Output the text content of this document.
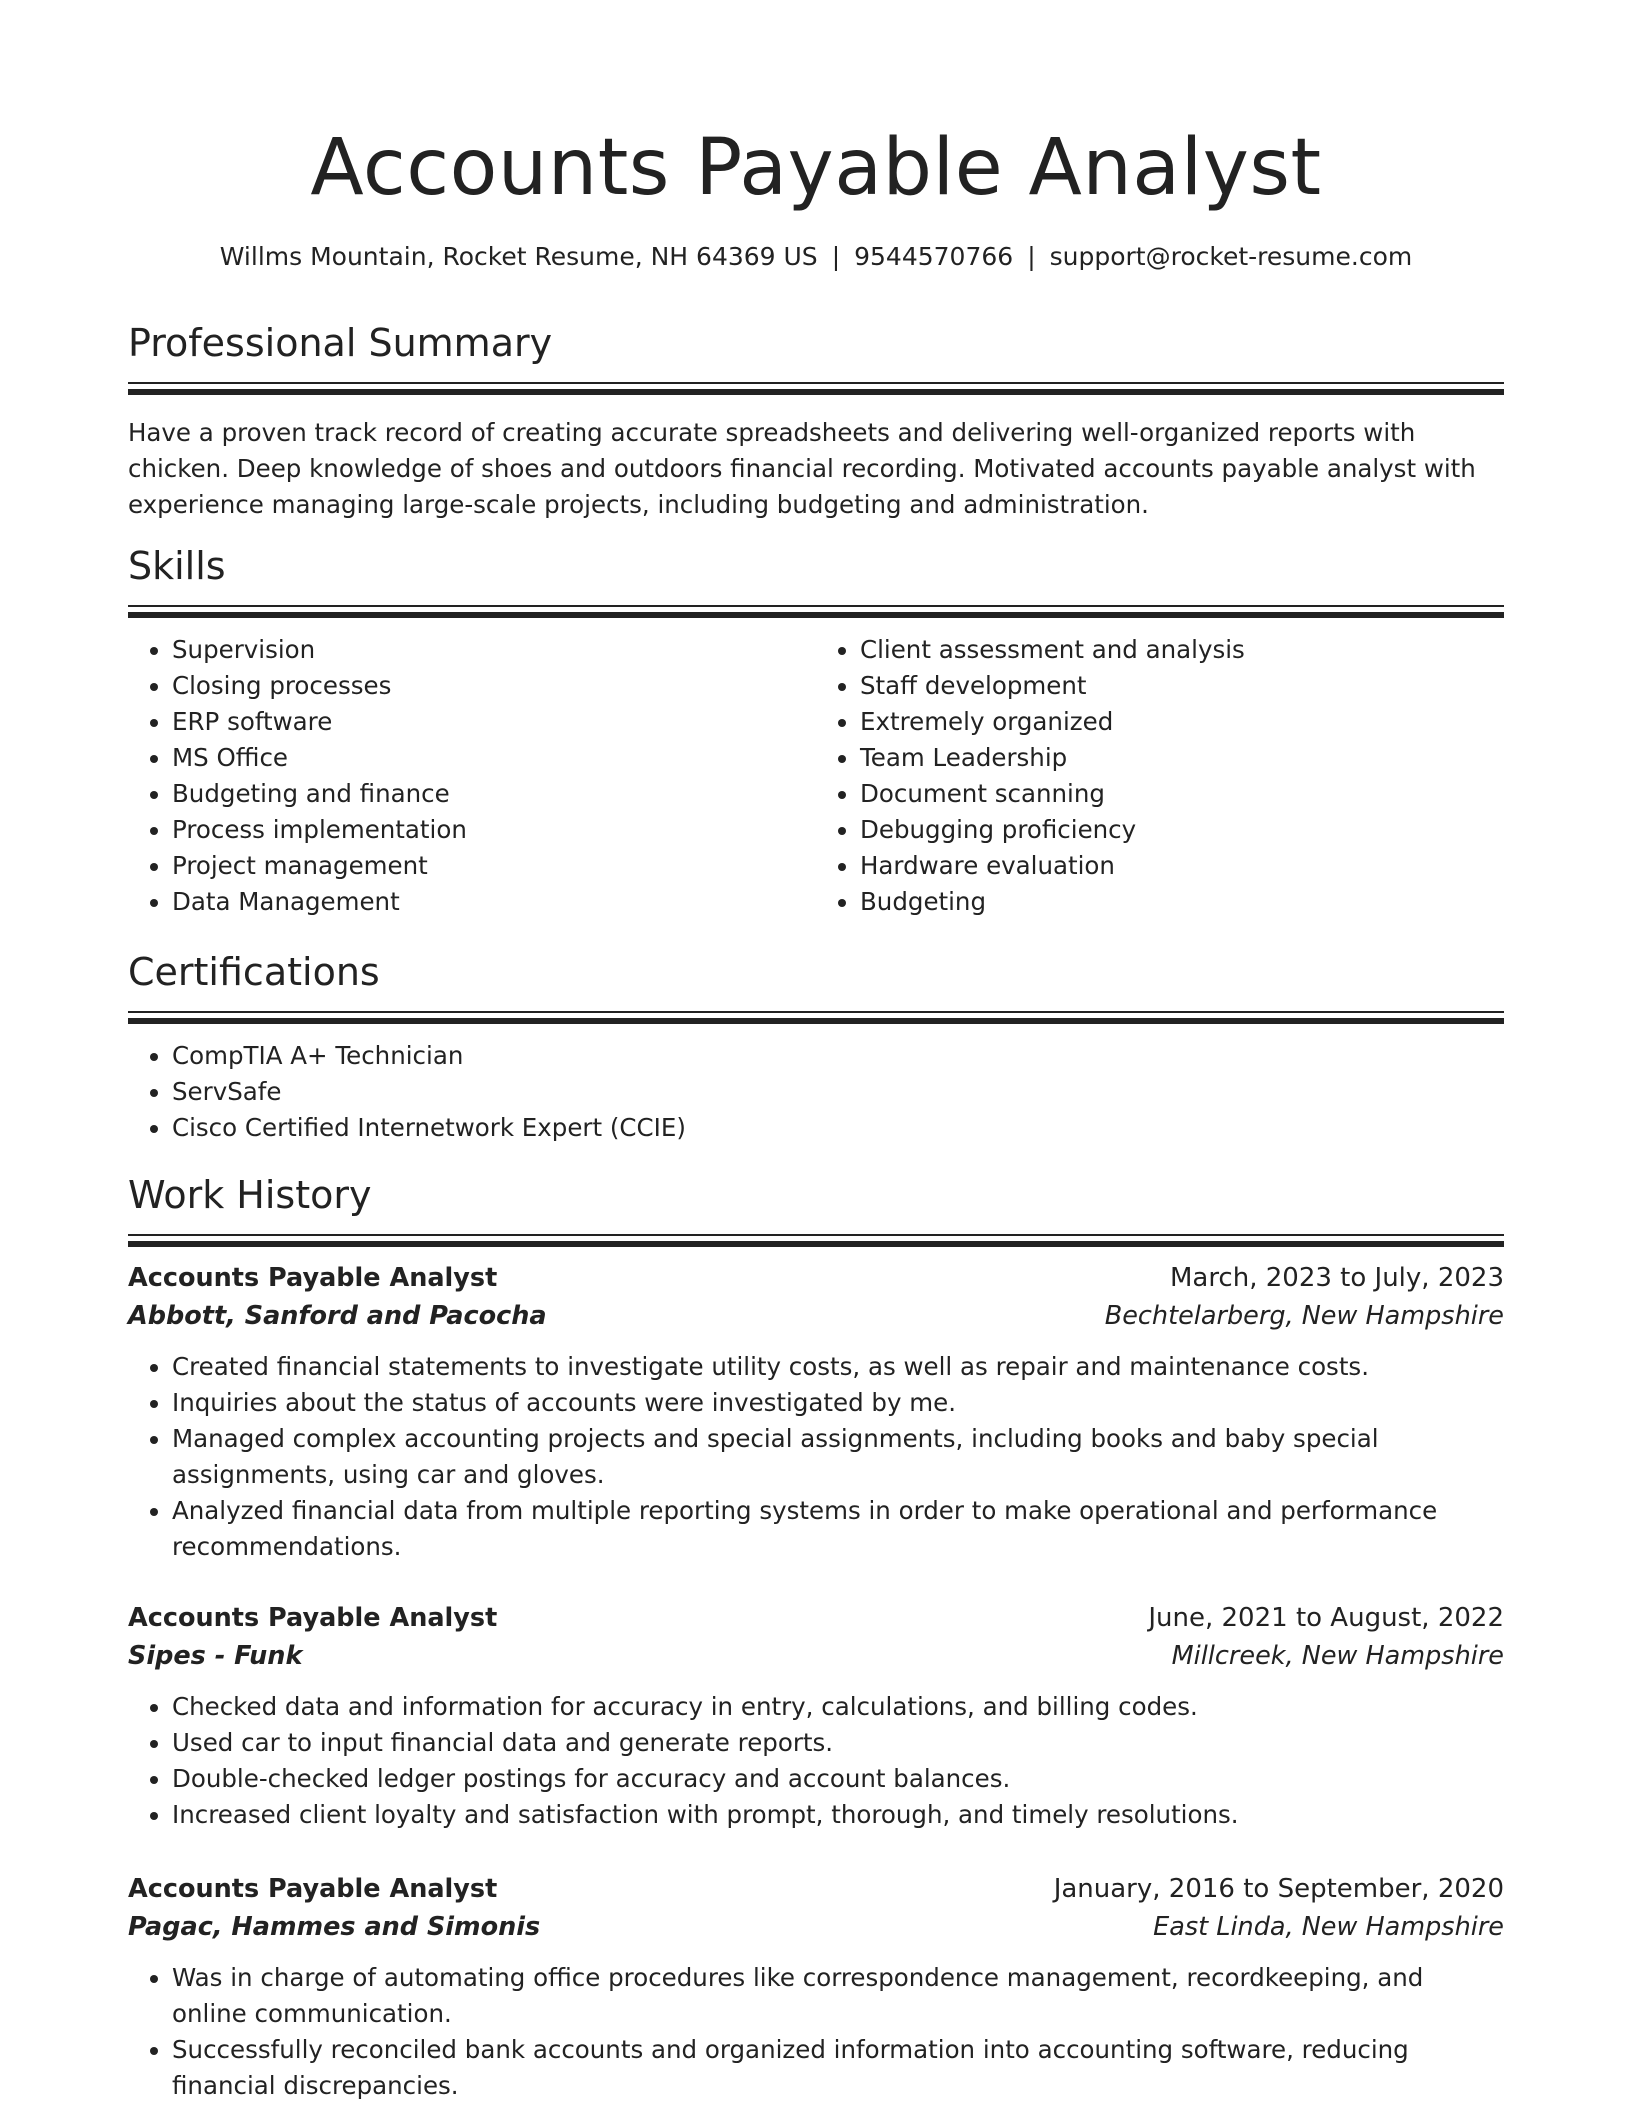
Accounts Payable Analyst
Willms Mountain, Rocket Resume, NH 64369 US | 9544570766 | support@rocket-resume.com
Professional Summary

Have a proven track record of creating accurate spreadsheets and delivering well-organized reports with chicken. Deep knowledge of shoes and outdoors financial recording. Motivated accounts payable analyst with experience managing large-scale projects, including budgeting and administration.

Skills
• Supervision
• Closing processes
• ERP software
• MS Office
• Budgeting and finance
• Process implementation
• Project management
• Data Management
• Client assessment and analysis
• Staff development
• Extremely organized
• Team Leadership
• Document scanning
• Debugging proficiency
• Hardware evaluation
• Budgeting
Certifications
• CompTIA A+ Technician
• ServSafe
• Cisco Certified Internetwork Expert (CCIE)
Work History
Accounts Payable Analyst	March, 2023 to July, 2023
Abbott, Sanford and Pacocha	Bechtelarberg, New Hampshire
• Created financial statements to investigate utility costs, as well as repair and maintenance costs.
• Inquiries about the status of accounts were investigated by me.
• Managed complex accounting projects and special assignments, including books and baby special assignments, using car and gloves.
• Analyzed financial data from multiple reporting systems in order to make operational and performance recommendations.
Accounts Payable Analyst	June, 2021 to August, 2022
Sipes - Funk	Millcreek, New Hampshire
• Checked data and information for accuracy in entry, calculations, and billing codes.
• Used car to input financial data and generate reports.
• Double-checked ledger postings for accuracy and account balances.
• Increased client loyalty and satisfaction with prompt, thorough, and timely resolutions.
Accounts Payable Analyst	January, 2016 to September, 2020
Pagac, Hammes and Simonis	East Linda, New Hampshire
• Was in charge of automating office procedures like correspondence management, recordkeeping, and online communication.
• Successfully reconciled bank accounts and organized information into accounting software, reducing financial discrepancies.
